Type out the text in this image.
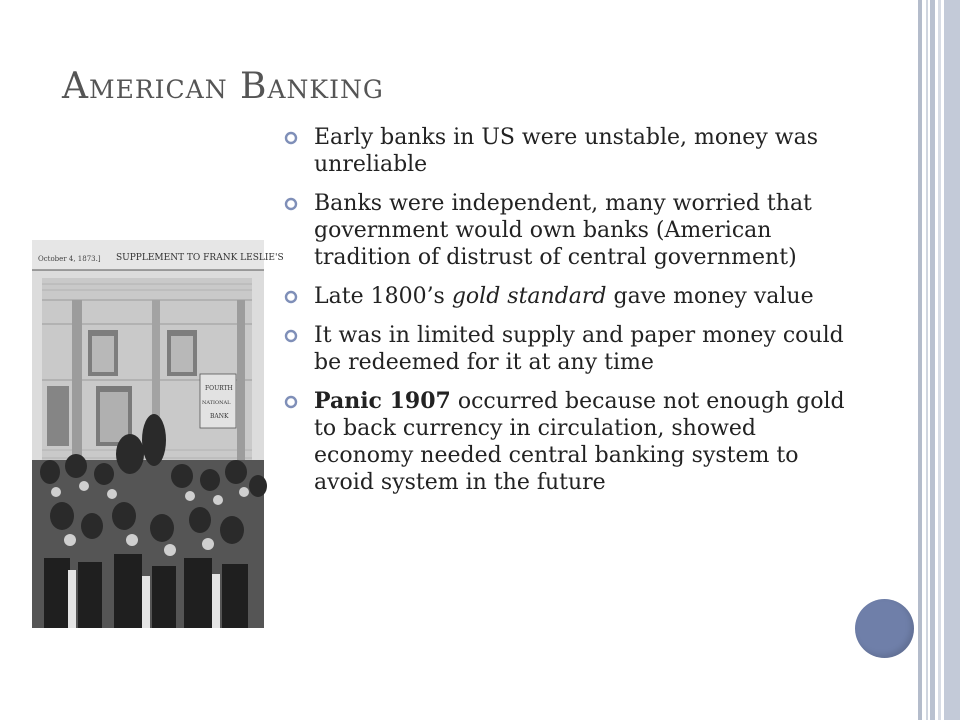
American Banking
October 4, 1873.] SUPPLEMENT TO FRANK LESLIE'S
FOURTH
NATIONAL
BANK
Early banks in US were unstable, money was unreliable
Banks were independent, many worried that government would own banks (American tradition of distrust of central government)
Late 1800’s gold standard gave money value
It was in limited supply and paper money could be redeemed for it at any time
Panic 1907 occurred because not enough gold to back currency in circulation, showed economy needed central banking system to avoid system in the future
